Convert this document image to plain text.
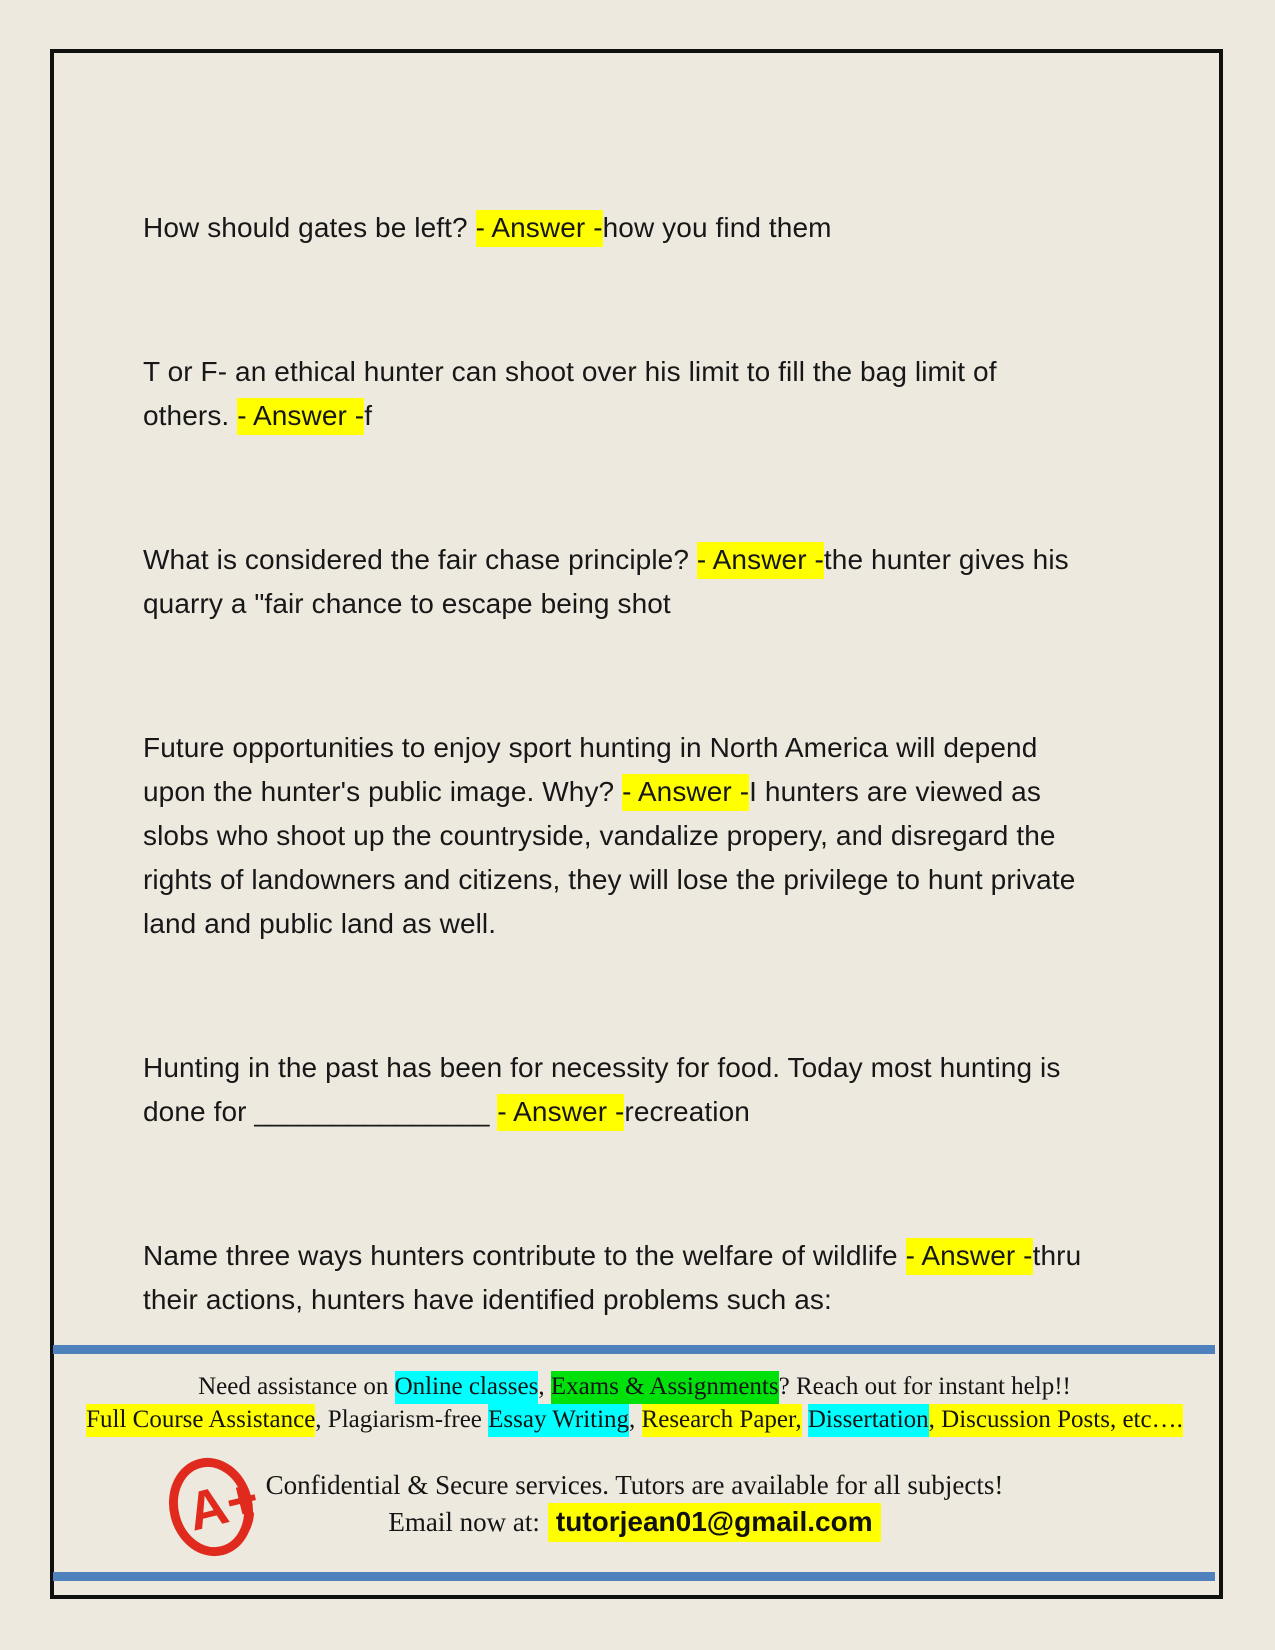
How should gates be left? - Answer -how you find them

T or F- an ethical hunter can shoot over his limit to fill the bag limit of others. - Answer -f

What is considered the fair chase principle? - Answer -the hunter gives his quarry a "fair chance to escape being shot

Future opportunities to enjoy sport hunting in North America will depend upon the hunter's public image. Why? - Answer -I hunters are viewed as slobs who shoot up the countryside, vandalize propery, and disregard the rights of landowners and citizens, they will lose the privilege to hunt private land and public land as well.

Hunting in the past has been for necessity for food. Today most hunting is done for _______________ - Answer -recreation

Name three ways hunters contribute to the welfare of wildlife - Answer -thru their actions, hunters have identified problems such as:

Need assistance on Online classes, Exams & Assignments? Reach out for instant help!!
Full Course Assistance, Plagiarism-free Essay Writing, Research Paper, Dissertation, Discussion Posts, etc….
A+ Confidential & Secure services. Tutors are available for all subjects!
Email now at: tutorjean01@gmail.com
